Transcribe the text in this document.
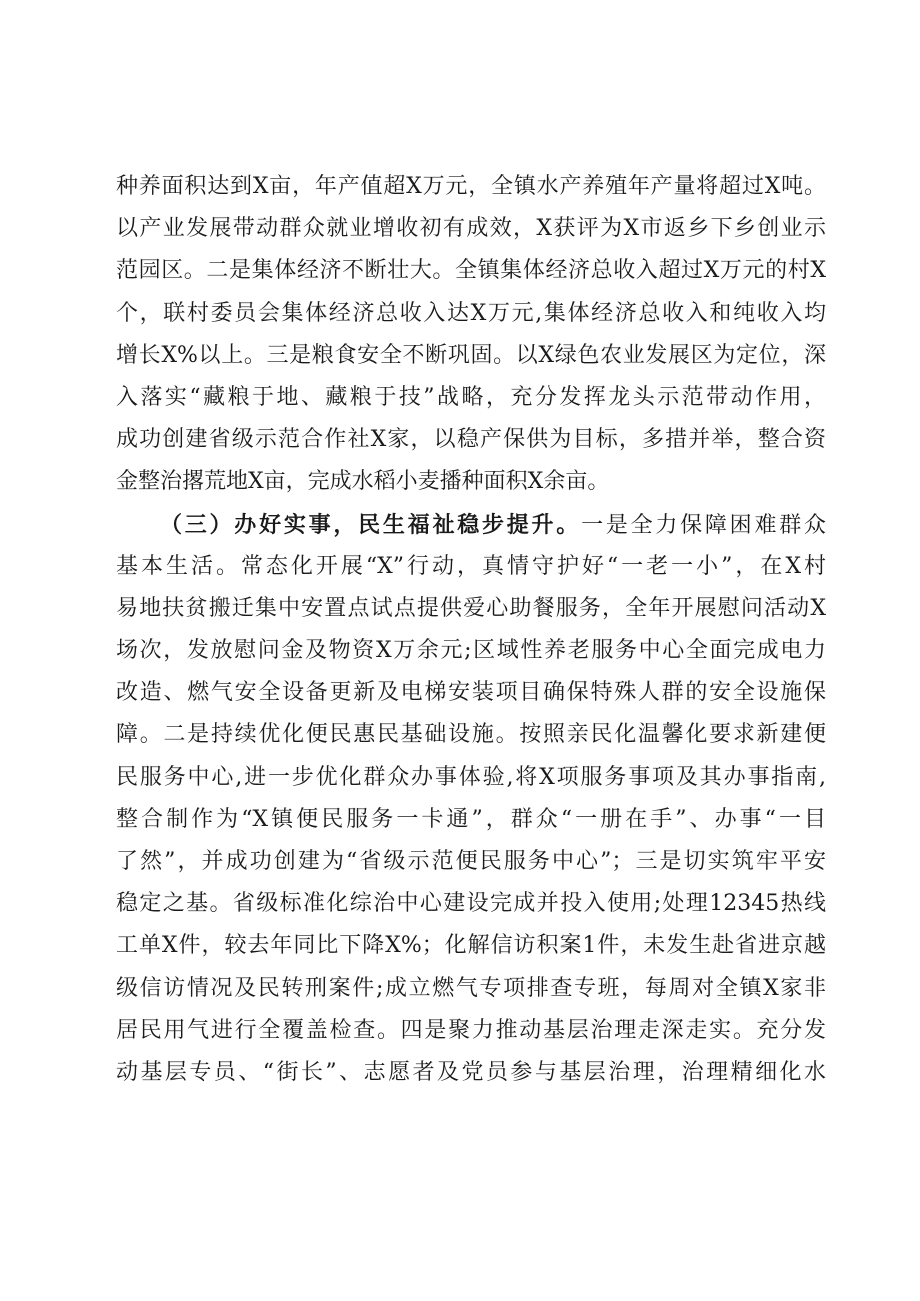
种养面积达到X亩，年产值超X万元，全镇水产养殖年产量将超过X吨。
以产业发展带动群众就业增收初有成效，X获评为X市返乡下乡创业示
范园区。二是集体经济不断壮大。全镇集体经济总收入超过X万元的村X
个，联村委员会集体经济总收入达X万元,集体经济总收入和纯收入均
增长X%以上。三是粮食安全不断巩固。以X绿色农业发展区为定位，深
入落实“藏粮于地、藏粮于技”战略，充分发挥龙头示范带动作用，
成功创建省级示范合作社X家，以稳产保供为目标，多措并举，整合资
金整治撂荒地X亩，完成水稻小麦播种面积X余亩。
（三）办好实事，民生福祉稳步提升。一是全力保障困难群众
基本生活。常态化开展“X”行动，真情守护好“一老一小”，在X村
易地扶贫搬迁集中安置点试点提供爱心助餐服务，全年开展慰问活动X
场次，发放慰问金及物资X万余元;区域性养老服务中心全面完成电力
改造、燃气安全设备更新及电梯安装项目确保特殊人群的安全设施保
障。二是持续优化便民惠民基础设施。按照亲民化温馨化要求新建便
民服务中心,进一步优化群众办事体验,将X项服务事项及其办事指南,
整合制作为“X镇便民服务一卡通”，群众“一册在手”、办事“一目
了然”，并成功创建为“省级示范便民服务中心”；三是切实筑牢平安
稳定之基。省级标准化综治中心建设完成并投入使用;处理12345热线
工单X件，较去年同比下降X%；化解信访积案1件，未发生赴省进京越
级信访情况及民转刑案件;成立燃气专项排查专班，每周对全镇X家非
居民用气进行全覆盖检查。四是聚力推动基层治理走深走实。充分发
动基层专员、“街长”、志愿者及党员参与基层治理，治理精细化水
